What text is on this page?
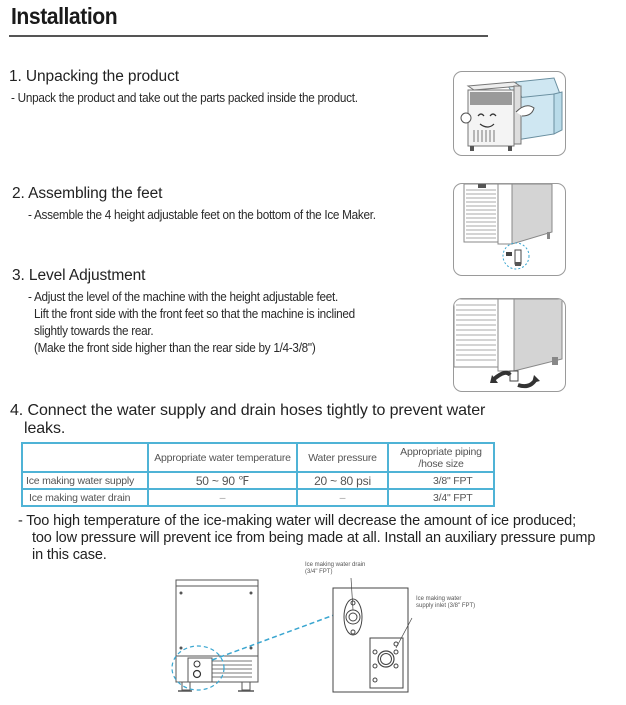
Installation
1. Unpacking the product
- Unpack the product and take out the parts packed inside the product.
2. Assembling the feet
- Assemble the 4 height adjustable feet on the bottom of the Ice Maker.
3. Level Adjustment
- Adjust the level of the machine with the height adjustable feet.
Lift the front side with the front feet so that the machine is inclined
slightly towards the rear.
(Make the front side higher than the rear side by 1/4-3/8")
4. Connect the water supply and drain hoses tightly to prevent water
leaks.
	Appropriate water temperature	Water pressure	Appropriate piping
/hose size

Ice making water supply	50 ~ 90 ℉	20 ~ 80 psi	3/8" FPT
Ice making water drain	–	–	3/4" FPT
- Too high temperature of the ice-making water will decrease the amount of ice produced;
too low pressure will prevent ice from being made at all. Install an auxiliary pressure pump
in this case.
Ice making water drain
(3/4" FPT)
Ice making water
supply inlet (3/8" FPT)
